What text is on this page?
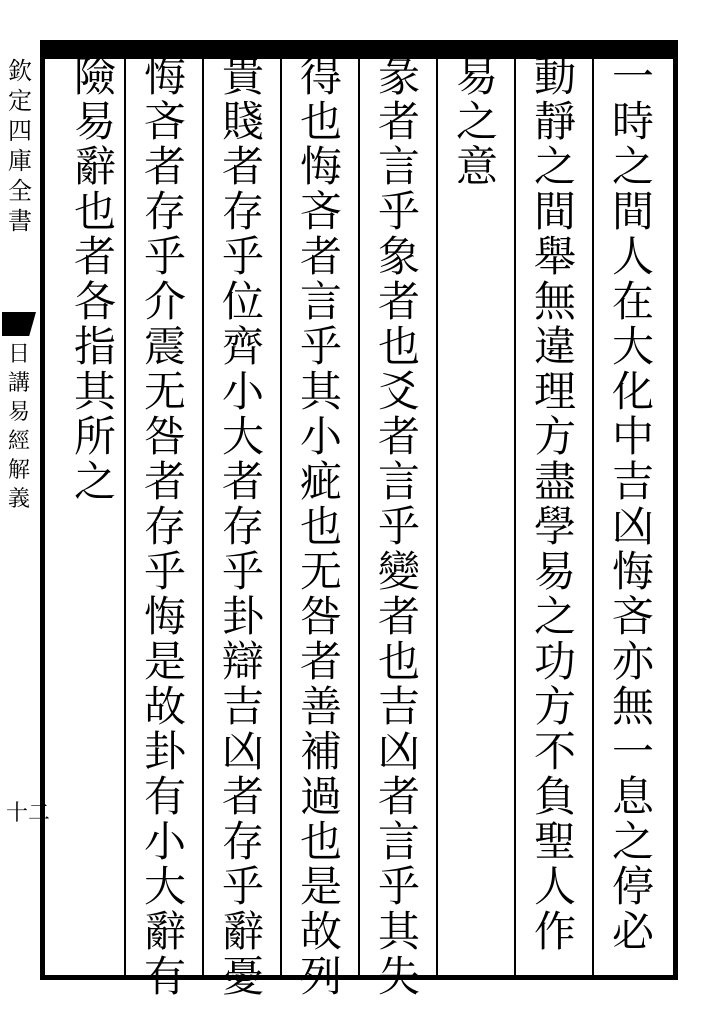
欽
定
四
庫
全
書
日
講
易
經
解
義
十二
一
時
之
間
人
在
大
化
中
吉
凶
悔
吝
亦
無
一
息
之
停
必
動
靜
之
間
舉
無
違
理
方
盡
學
易
之
功
方
不
負
聖
人
作
易
之
意
彖
者
言
乎
象
者
也
爻
者
言
乎
變
者
也
吉
凶
者
言
乎
其
失
得
也
悔
吝
者
言
乎
其
小
疵
也
无
咎
者
善
補
過
也
是
故
列
貴
賤
者
存
乎
位
齊
小
大
者
存
乎
卦
辯
吉
凶
者
存
乎
辭
憂
悔
吝
者
存
乎
介
震
无
咎
者
存
乎
悔
是
故
卦
有
小
大
辭
有
險
易
辭
也
者
各
指
其
所
之
